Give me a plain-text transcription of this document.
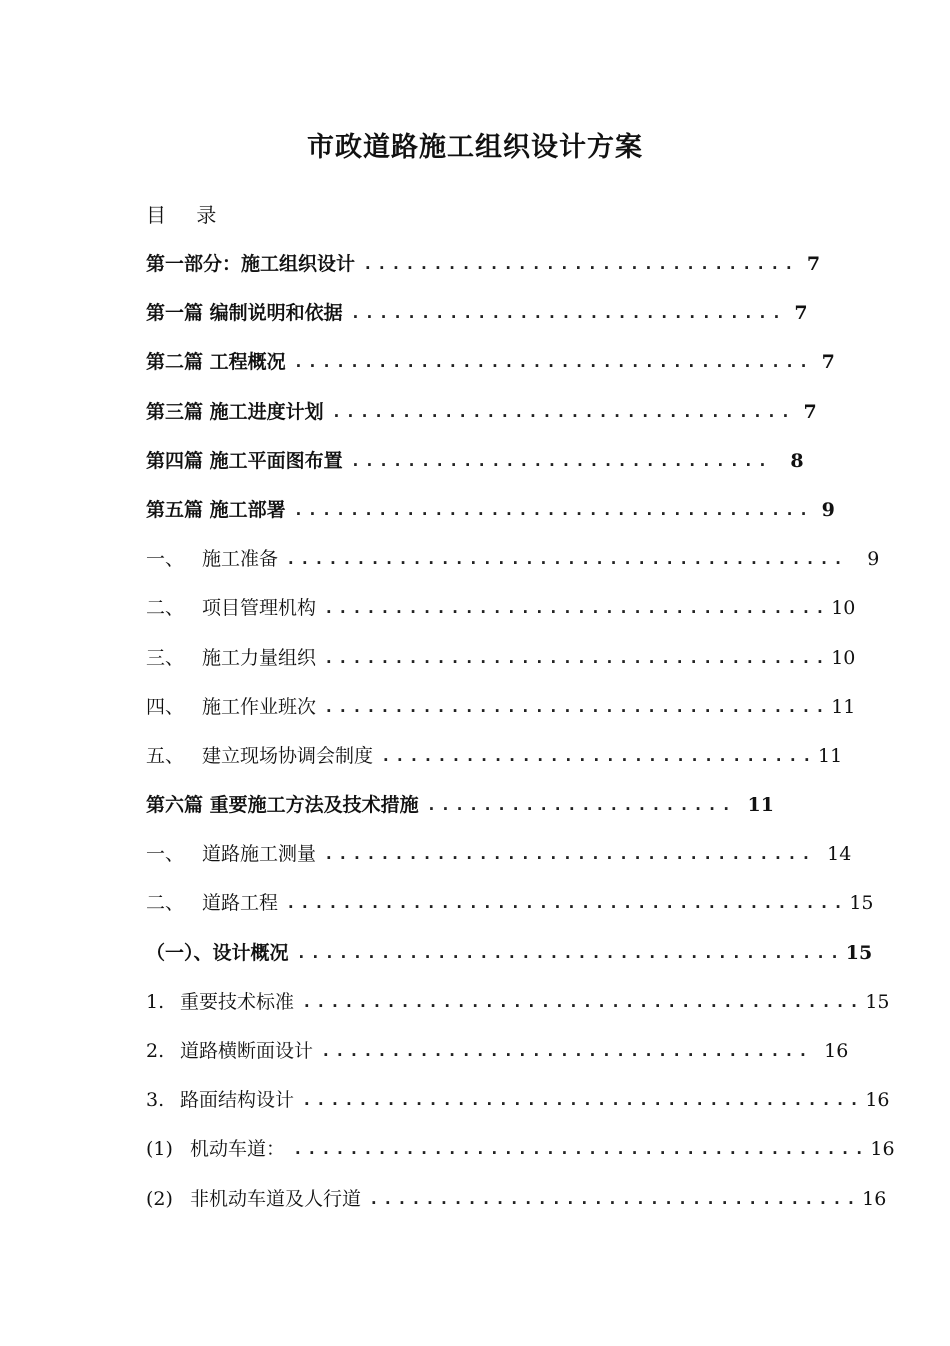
市政道路施工组织设计方案
目 录
第一部分：施工组织设计 ............................... 7
第一篇 编制说明和依据 ............................... 7
第二篇 工程概况 ..................................... 7
第三篇 施工进度计划 ................................. 7
第四篇 施工平面图布置 .............................. 8
第五篇 施工部署 ..................................... 9
一、 施工准备 ........................................	9
二、 项目管理机构 .................................... 10
三、 施工力量组织 .................................... 10
四、 施工作业班次 .................................... 11
五、 建立现场协调会制度 ............................... 11
第六篇 重要施工方法及技术措施 ...................... 11
一、 道路施工测量 ................................... 14
二、 道路工程 ........................................ 15
（一）、设计概况 ....................................... 15
1. 重要技术标准 ........................................ 15
2. 道路横断面设计 ................................... 16
3. 路面结构设计 ........................................ 16
(1) 机动车道： ......................................... 16
(2) 非机动车道及人行道 ................................... 16
